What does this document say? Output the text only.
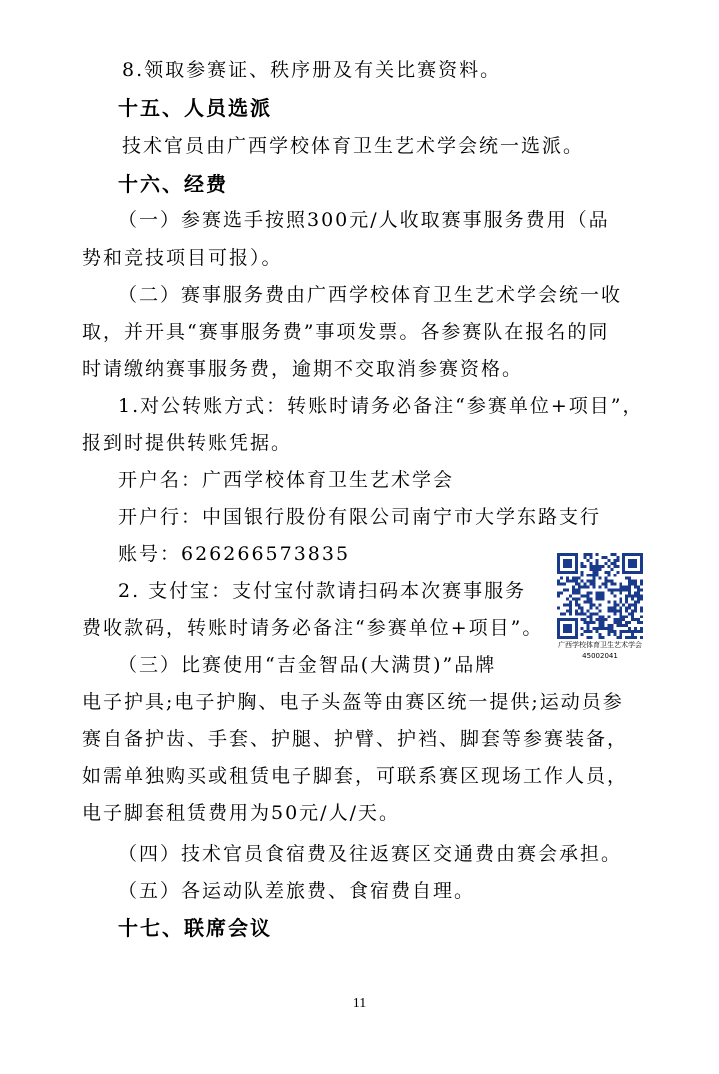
8.领取参赛证、秩序册及有关比赛资料。
十五、人员选派
技术官员由广西学校体育卫生艺术学会统一选派。
十六、经费
（一）参赛选手按照300元/人收取赛事服务费用（品
势和竞技项目可报）。
（二）赛事服务费由广西学校体育卫生艺术学会统一收
取，并开具“赛事服务费”事项发票。各参赛队在报名的同
时请缴纳赛事服务费，逾期不交取消参赛资格。
1.对公转账方式：转账时请务必备注“参赛单位+项目”，
报到时提供转账凭据。
开户名：广西学校体育卫生艺术学会
开户行：中国银行股份有限公司南宁市大学东路支行
账号：626266573835
2. 支付宝：支付宝付款请扫码本次赛事服务
费收款码，转账时请务必备注“参赛单位+项目”。
（三）比赛使用“吉金智品(大满贯)”品牌
电子护具;电子护胸、电子头盔等由赛区统一提供;运动员参
赛自备护齿、手套、护腿、护臂、护裆、脚套等参赛装备，
如需单独购买或租赁电子脚套，可联系赛区现场工作人员，
电子脚套租赁费用为50元/人/天。
（四）技术官员食宿费及往返赛区交通费由赛会承担。
（五）各运动队差旅费、食宿费自理。
十七、联席会议
广西学校体育卫生艺术学会
45002041
11
